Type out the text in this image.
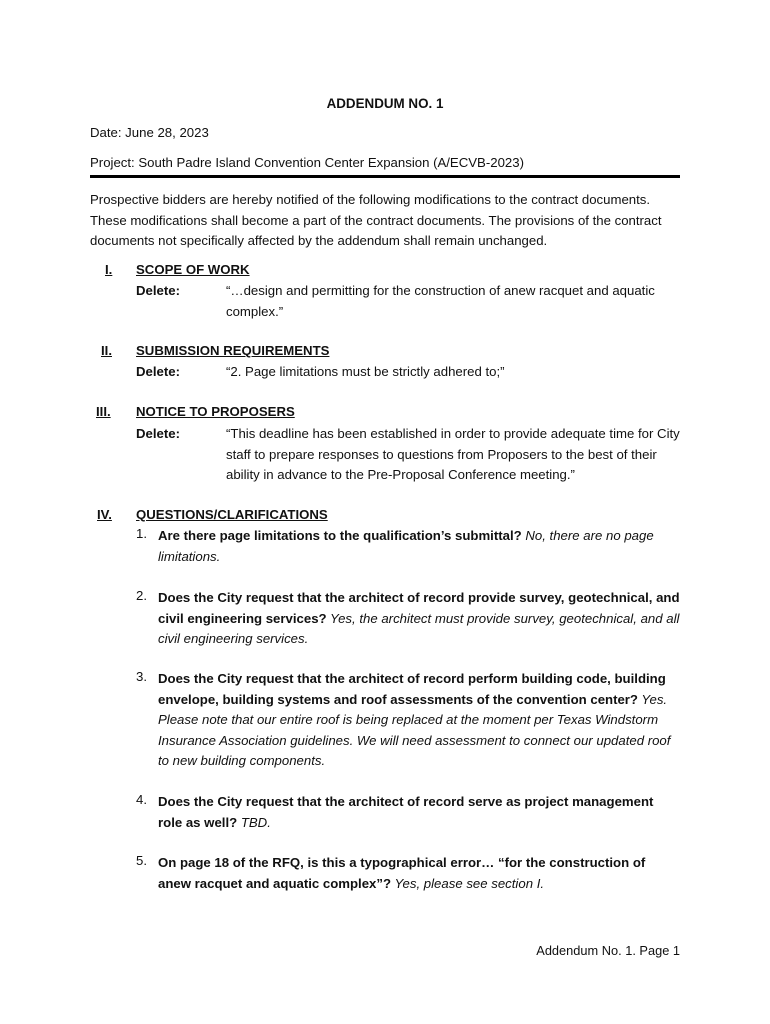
ADDENDUM NO. 1
Date: June 28, 2023
Project: South Padre Island Convention Center Expansion (A/ECVB-2023)
Prospective bidders are hereby notified of the following modifications to the contract documents. These modifications shall become a part of the contract documents. The provisions of the contract documents not specifically affected by the addendum shall remain unchanged.
I. SCOPE OF WORK
Delete:	“…design and permitting for the construction of anew racquet and aquatic complex.”
II. SUBMISSION REQUIREMENTS
Delete:	“2. Page limitations must be strictly adhered to;”
III. NOTICE TO PROPOSERS
Delete:	“This deadline has been established in order to provide adequate time for City staff to prepare responses to questions from Proposers to the best of their ability in advance to the Pre-Proposal Conference meeting.”
IV. QUESTIONS/CLARIFICATIONS
1. Are there page limitations to the qualification’s submittal? No, there are no page limitations.
2. Does the City request that the architect of record provide survey, geotechnical, and civil engineering services? Yes, the architect must provide survey, geotechnical, and all civil engineering services.
3. Does the City request that the architect of record perform building code, building envelope, building systems and roof assessments of the convention center? Yes. Please note that our entire roof is being replaced at the moment per Texas Windstorm Insurance Association guidelines. We will need assessment to connect our updated roof to new building components.
4. Does the City request that the architect of record serve as project management role as well? TBD.
5. On page 18 of the RFQ, is this a typographical error… “for the construction of anew racquet and aquatic complex”? Yes, please see section I.
Addendum No. 1. Page 1
